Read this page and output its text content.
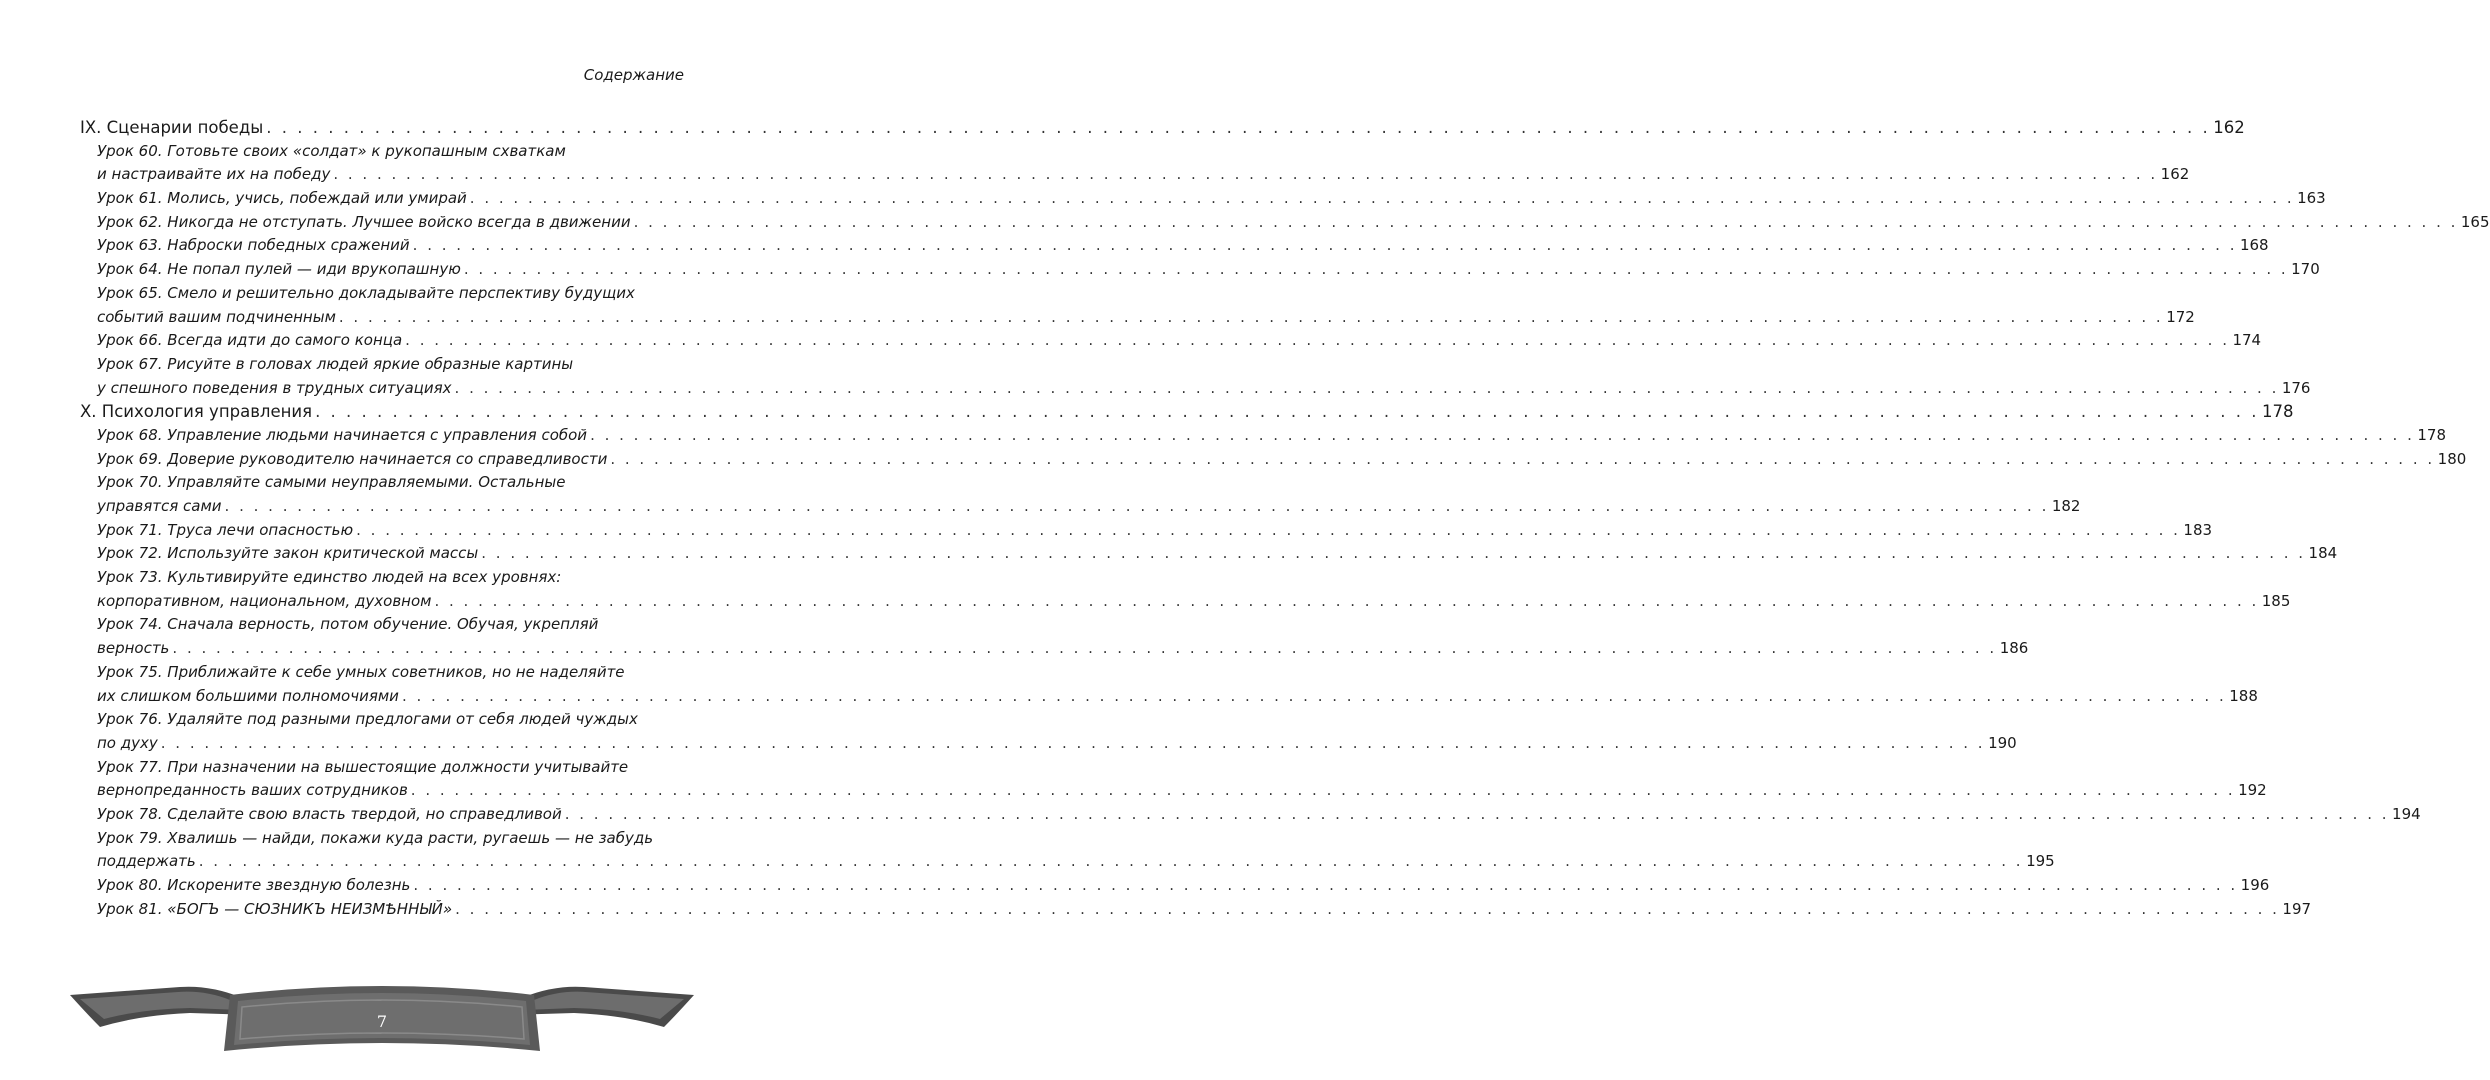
Содержание
IX. Сценарии победы . . .	162
Урок 60. Готовьте своих «солдат» к рукопашным схваткам
и настраивайте их на победу . . .	162
Урок 61. Молись, учись, побеждай или умирай . . .	163
Урок 62. Никогда не отступать. Лучшее войско всегда в движении . . .	165
Урок 63. Наброски победных сражений . . .	168
Урок 64. Не попал пулей — иди врукопашную . . .	170
Урок 65. Смело и решительно докладывайте перспективу будущих
событий вашим подчиненным . . .	172
Урок 66. Всегда идти до самого конца . . .	174
Урок 67. Рисуйте в головах людей яркие образные картины
у спешного поведения в трудных ситуациях . . .	176
X. Психология управления . . .	178
Урок 68. Управление людьми начинается с управления собой . . .	178
Урок 69. Доверие руководителю начинается со справедливости . . .	180
Урок 70. Управляйте самыми неуправляемыми. Остальные
управятся сами . . .	182
Урок 71. Труса лечи опасностью . . .	183
Урок 72. Используйте закон критической массы . . .	184
Урок 73. Культивируйте единство людей на всех уровнях:
корпоративном, национальном, духовном . . .	185
Урок 74. Сначала верность, потом обучение. Обучая, укрепляй
верность . . .	186
Урок 75. Приближайте к себе умных советников, но не наделяйте
их слишком большими полномочиями . . .	188
Урок 76. Удаляйте под разными предлогами от себя людей чуждых
по духу . . .	190
Урок 77. При назначении на вышестоящие должности учитывайте
вернопреданность ваших сотрудников . . .	192
Урок 78. Сделайте свою власть твердой, но справедливой . . .	194
Урок 79. Хвалишь — найди, покажи куда расти, ругаешь — не забудь
поддержать . . .	195
Урок 80. Искорените звездную болезнь . . .	196
Урок 81. «БОГЪ — СЮЗНИКЪ НЕИЗМѢННЫЙ» . . .	197
7
